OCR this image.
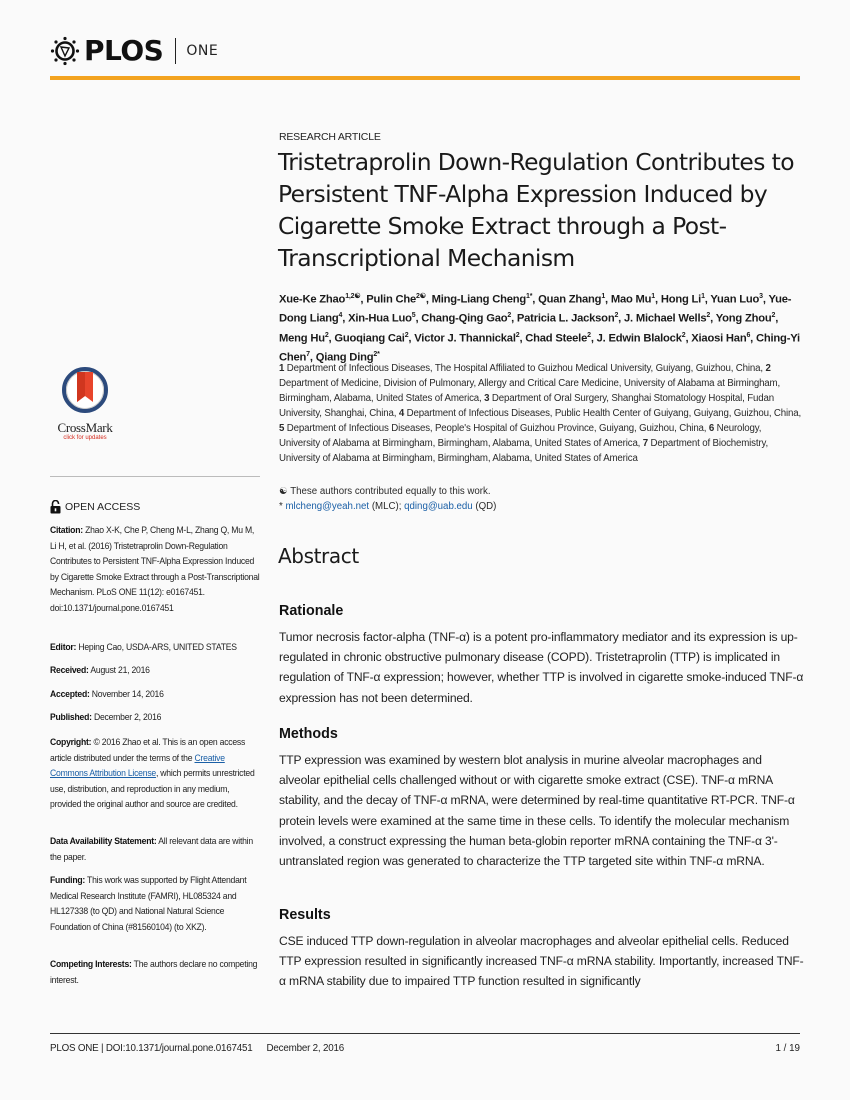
PLOS ONE
CrossMark
click for updates
OPEN ACCESS
Citation: Zhao X-K, Che P, Cheng M-L, Zhang Q, Mu M, Li H, et al. (2016) Tristetraprolin Down-Regulation Contributes to Persistent TNF-Alpha Expression Induced by Cigarette Smoke Extract through a Post-Transcriptional Mechanism. PLoS ONE 11(12): e0167451. doi:10.1371/journal.pone.0167451
Editor: Heping Cao, USDA-ARS, UNITED STATES
Received: August 21, 2016
Accepted: November 14, 2016
Published: December 2, 2016
Copyright: © 2016 Zhao et al. This is an open access article distributed under the terms of the Creative Commons Attribution License, which permits unrestricted use, distribution, and reproduction in any medium, provided the original author and source are credited.
Data Availability Statement: All relevant data are within the paper.
Funding: This work was supported by Flight Attendant Medical Research Institute (FAMRI), HL085324 and HL127338 (to QD) and National Natural Science Foundation of China (#81560104) (to XKZ).
Competing Interests: The authors declare no competing interest.
RESEARCH ARTICLE
Tristetraprolin Down-Regulation Contributes to Persistent TNF-Alpha Expression Induced by Cigarette Smoke Extract through a Post-Transcriptional Mechanism
Xue-Ke Zhao$^{1,2☯}$, Pulin Che$^{2☯}$, Ming-Liang Cheng$^{1*}$, Quan Zhang$^1$, Mao Mu$^1$, Hong Li$^1$, Yuan Luo$^3$, Yue-Dong Liang$^4$, Xin-Hua Luo$^5$, Chang-Qing Gao$^2$, Patricia L. Jackson$^2$, J. Michael Wells$^2$, Yong Zhou$^2$, Meng Hu$^2$, Guoqiang Cai$^2$, Victor J. Thannickal$^2$, Chad Steele$^2$, J. Edwin Blalock$^2$, Xiaosi Han$^6$, Ching-Yi Chen$^7$, Qiang Ding$^{2*}$
1 Department of Infectious Diseases, The Hospital Affiliated to Guizhou Medical University, Guiyang, Guizhou, China, 2 Department of Medicine, Division of Pulmonary, Allergy and Critical Care Medicine, University of Alabama at Birmingham, Birmingham, Alabama, United States of America, 3 Department of Oral Surgery, Shanghai Stomatology Hospital, Fudan University, Shanghai, China, 4 Department of Infectious Diseases, Public Health Center of Guiyang, Guiyang, Guizhou, China, 5 Department of Infectious Diseases, People's Hospital of Guizhou Province, Guiyang, Guizhou, China, 6 Neurology, University of Alabama at Birmingham, Birmingham, Alabama, United States of America, 7 Department of Biochemistry, University of Alabama at Birmingham, Birmingham, Alabama, United States of America
☯ These authors contributed equally to this work.
* mlcheng@yeah.net (MLC); qding@uab.edu (QD)
Abstract
Rationale

Tumor necrosis factor-alpha (TNF-α) is a potent pro-inflammatory mediator and its expression is up-regulated in chronic obstructive pulmonary disease (COPD). Tristetraprolin (TTP) is implicated in regulation of TNF-α expression; however, whether TTP is involved in cigarette smoke-induced TNF-α expression has not been determined.

Methods

TTP expression was examined by western blot analysis in murine alveolar macrophages and alveolar epithelial cells challenged without or with cigarette smoke extract (CSE). TNF-α mRNA stability, and the decay of TNF-α mRNA, were determined by real-time quantitative RT-PCR. TNF-α protein levels were examined at the same time in these cells. To identify the molecular mechanism involved, a construct expressing the human beta-globin reporter mRNA containing the TNF-α 3'-untranslated region was generated to characterize the TTP targeted site within TNF-α mRNA.

Results

CSE induced TTP down-regulation in alveolar macrophages and alveolar epithelial cells. Reduced TTP expression resulted in significantly increased TNF-α mRNA stability. Importantly, increased TNF-α mRNA stability due to impaired TTP function resulted in significantly

PLOS ONE | DOI:10.1371/journal.pone.0167451 December 2, 2016	1 / 19
